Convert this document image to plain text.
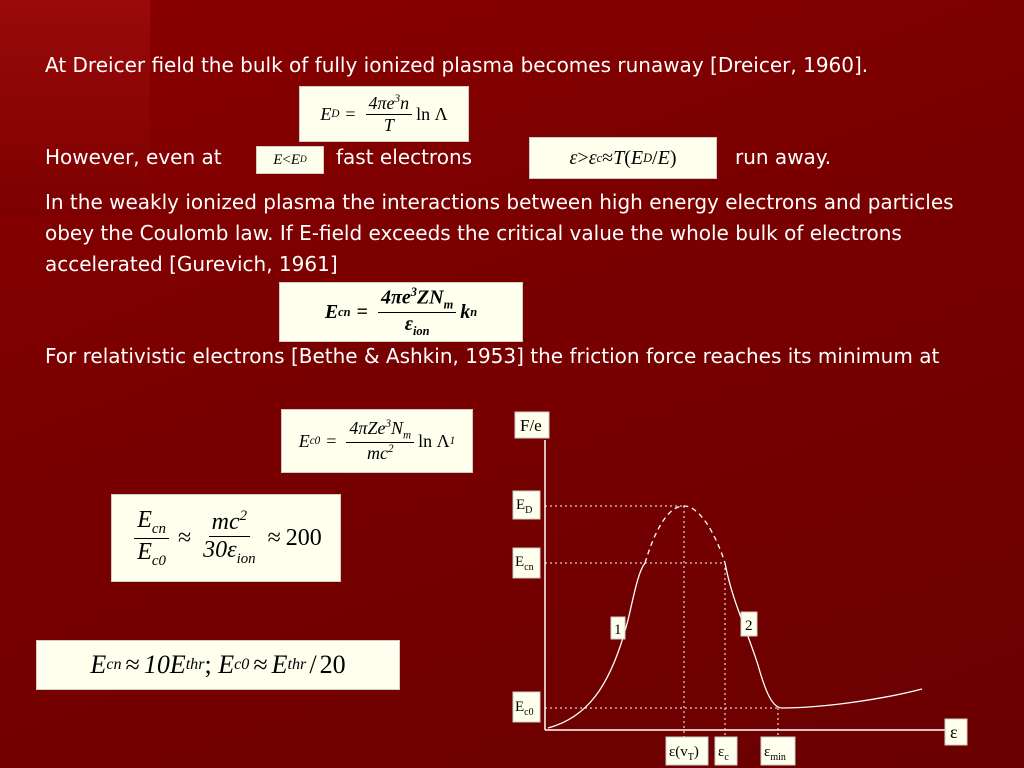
At Dreicer field the bulk of fully ionized plasma becomes runaway [Dreicer, 1960].

E $D = \frac{4\pi e^3n}{T}$ ln Λ
However, even at	E < E D fast electrons	ε > ε c ≈ T ( E D / E )	run away.

In the weakly ionized plasma the interactions between high energy electrons and particles obey the Coulomb law. If E-field exceeds the critical value the whole bulk of electrons accelerated [Gurevich, 1961]

E cn = $\frac{4\pi e^3ZN_m}{\varepsilon_{ion}}$ k n

For relativistic electrons [Bethe & Ashkin, 1953] the friction force reaches its minimum at

E $c0 = \frac{4\pi Ze^3N_m}{mc^2}$ ln Λ 1
$\frac{E_{cn}}{E_{c0}} \approx \frac{mc^2}{30\varepsilon_{ion}} \approx 200$
E cn ≈ 10E thr ; E c0 ≈ E thr / 20
F/e
ε
$E_D$
$E_{cn}$
$E_{c0}$
1	2
$\varepsilon(v_T)$ $\varepsilon_c$ $\varepsilon_{min}$
